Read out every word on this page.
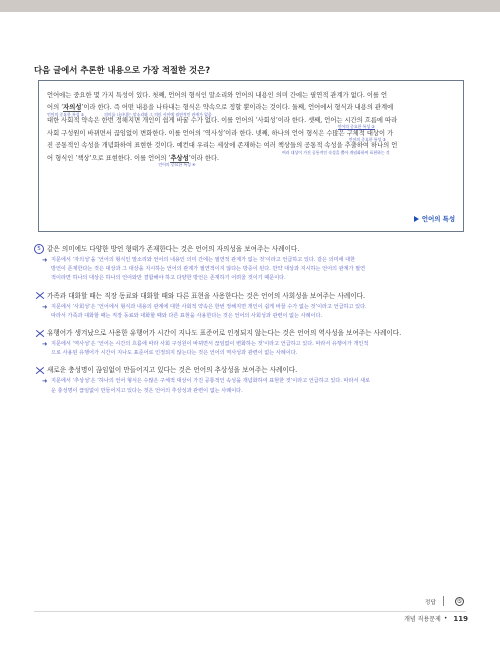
다음 글에서 추론한 내용으로 가장 적절한 것은?
언어에는 중요한 몇 가지 특성이 있다. 첫째, 언어의 형식인 말소리와 언어의 내용인 의미 간에는 필연적 관계가 없다. 이를 언
어의 ‘자의성’이라 한다. 즉 어떤 내용을 나타내는 형식은 약속으로 정할 뿐이라는 것이다. 둘째, 언어에서 형식과 내용의 관계에
언어의 중요한 특성 ①	의미를 나타내는 말소리와 그 의미 사이에 필연적인 관계가 없음
대한 사회적 약속은 한번 정해지면 개인이 쉽게 바꿀 수가 없다. 이를 언어의 ‘사회성’이라 한다. 셋째, 언어는 시간의 흐름에 따라
언어의 중요한 특성 ②
사회 구성원이 바뀌면서 끊임없이 변화한다. 이를 언어의 ‘역사성’이라 한다. 넷째, 하나의 언어 형식은 수많은 구체적 대상이 가
언어의 중요한 특성 ③
진 공통적인 속성을 개념화하여 표현한 것이다. 예컨대 우리는 세상에 존재하는 여러 책상들의 공통적 속성을 추출하여 하나의 언
여러 대상이 가진 공통적인 속성을 뽑아 개념화하여 표현하는 것
어 형식인 ‘책상’으로 표현한다. 이를 언어의 ‘추상성’이라 한다.
언어의 중요한 특성 ④
언어의 특성
5 같은 의미에도 다양한 방언 형태가 존재한다는 것은 언어의 자의성을 보여주는 사례이다.
➜ 지문에서 ‘자의성’을 ‘언어의 형식인 말소리와 언어의 내용인 의미 간에는 필연적 관계가 없는 것’이라고 언급하고 있다. 같은 의미에 대한
방언이 존재한다는 것은 대상과 그 대상을 지시하는 언어의 관계가 필연적이지 않다는 방증이 된다. 만약 대상과 지시하는 언어의 관계가 필연
적이라면 하나의 대상은 하나의 언어와만 결합해야 하고 다양한 방언은 존재하기 어려울 것이기 때문이다.
가족과 대화할 때는 직장 동료와 대화할 때와 다른 표현을 사용한다는 것은 언어의 사회성을 보여주는 사례이다.
➜ 지문에서 ‘사회성’은 ‘언어에서 형식과 내용의 관계에 대한 사회적 약속은 한번 정해지면 개인이 쉽게 바꿀 수가 없는 것’이라고 언급하고 있다.
따라서 가족과 대화할 때는 직장 동료와 대화할 때와 다른 표현을 사용한다는 것은 언어의 사회성과 관련이 없는 사례이다.
유행어가 생겨났으로 사용한 유행어가 시간이 지나도 표준어로 인정되지 않는다는 것은 언어의 역사성을 보여주는 사례이다.
➜ 지문에서 ‘역사성’은 ‘언어는 시간의 흐름에 따라 사회 구성원이 바뀌면서 끊임없이 변화하는 것’이라고 언급하고 있다. 따라서 유행어가 개인적
으로 사용된 유행어가 시간이 지나도 표준어로 인정되지 않는다는 것은 언어의 역사성과 관련이 없는 사례이다.
새로운 충성명이 끊임없이 만들어지고 있다는 것은 언어의 추상성을 보여주는 사례이다.
➜ 지문에서 ‘추상성’은 ‘하나의 언어 형식은 수많은 구체적 대상이 가진 공통적인 속성을 개념화하여 표현한 것’이라고 언급하고 있다. 따라서 새로
운 충성명이 끊임없이 만들어지고 있다는 것은 언어의 추상성과 관련이 없는 사례이다.
정답	⑤
개념 직용문제 • 119
